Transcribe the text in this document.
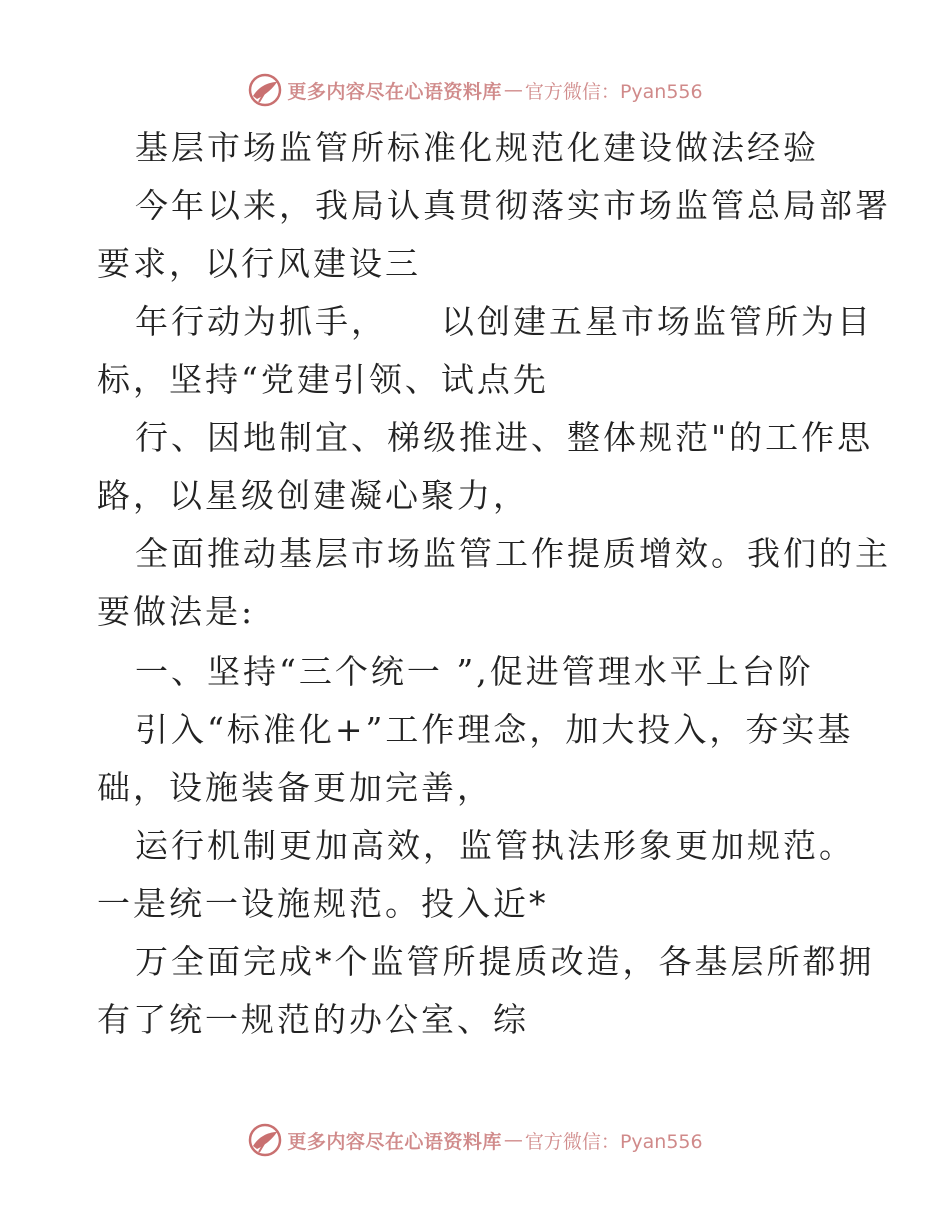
更多内容尽在心语资料库 — 官方微信：Pyan556
基层市场监管所标准化规范化建设做法经验
今年以来，我局认真贯彻落实市场监管总局部署
要求，以行风建设三
年行动为抓手，    以创建五星市场监管所为目
标，坚持“党建引领、试点先
行、因地制宜、梯级推进、整体规范"的工作思
路，以星级创建凝心聚力，
全面推动基层市场监管工作提质增效。我们的主
要做法是:
一、坚持“三个统一 ”,促进管理水平上台阶
引入“标准化+”工作理念，加大投入，夯实基
础，设施装备更加完善，
运行机制更加高效，监管执法形象更加规范。
一是统一设施规范。投入近*
万全面完成*个监管所提质改造，各基层所都拥
有了统一规范的办公室、综
更多内容尽在心语资料库 — 官方微信：Pyan556
